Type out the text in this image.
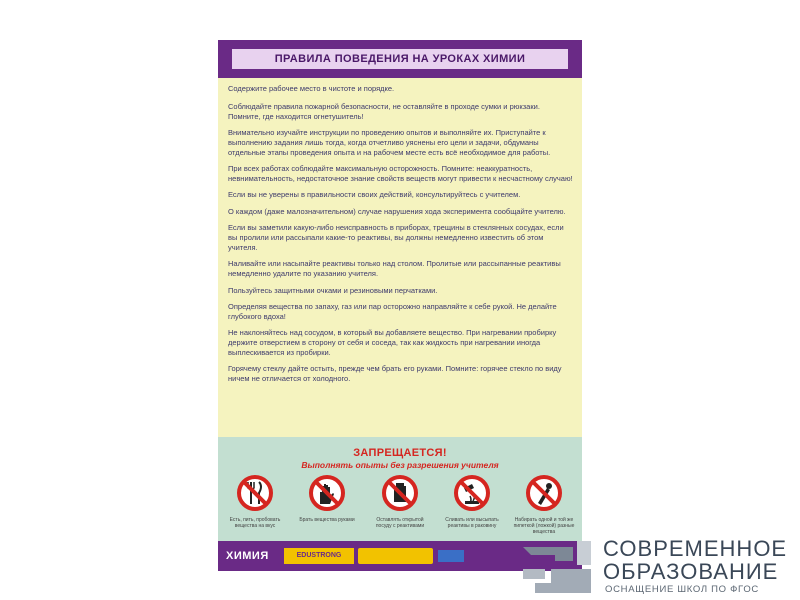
ПРАВИЛА ПОВЕДЕНИЯ НА УРОКАХ ХИМИИ

Содержите рабочее место в чистоте и порядке.

Соблюдайте правила пожарной безопасности, не оставляйте в проходе сумки и рюкзаки. Помните, где находится огнетушитель!

Внимательно изучайте инструкции по проведению опытов и выполняйте их. Приступайте к выполнению задания лишь тогда, когда отчетливо уяснены его цели и задачи, обдуманы отдельные этапы проведения опыта и на рабочем месте есть всё необходимое для работы.

При всех работах соблюдайте максимальную осторожность. Помните: неаккуратность, невнимательность, недостаточное знание свойств веществ могут привести к несчастному случаю!

Если вы не уверены в правильности своих действий, консультируйтесь с учителем.

О каждом (даже малозначительном) случае нарушения хода эксперимента сообщайте учителю.

Если вы заметили какую-либо неисправность в приборах, трещины в стеклянных сосудах, если вы пролили или рассыпали какие-то реактивы, вы должны немедленно известить об этом учителя.

Наливайте или насыпайте реактивы только над столом. Пролитые или рассыпанные реактивы немедленно удалите по указанию учителя.

Пользуйтесь защитными очками и резиновыми перчатками.

Определяя вещества по запаху, газ или пар осторожно направляйте к себе рукой. Не делайте глубокого вдоха!

Не наклоняйтесь над сосудом, в который вы добавляете вещество. При нагревании пробирку держите отверстием в сторону от себя и соседа, так как жидкость при нагревании иногда выплескивается из пробирки.

Горячему стеклу дайте остыть, прежде чем брать его руками. Помните: горячее стекло по виду ничем не отличается от холодного.

ЗАПРЕЩАЕТСЯ!
Выполнять опыты без разрешения учителя
Есть, пить, пробовать вещества на вкус
Брать вещества руками	Оставлять открытой посуду с реактивами
Сливать или высыпать реактивы в раковину
Набирать одной и той же пипеткой (ложкой) разные вещества
ХИМИЯ	EDUSTRONG	СОВРЕМЕННОЕ
ОБРАЗОВАНИЕ
ОСНАЩЕНИЕ ШКОЛ ПО ФГОС
